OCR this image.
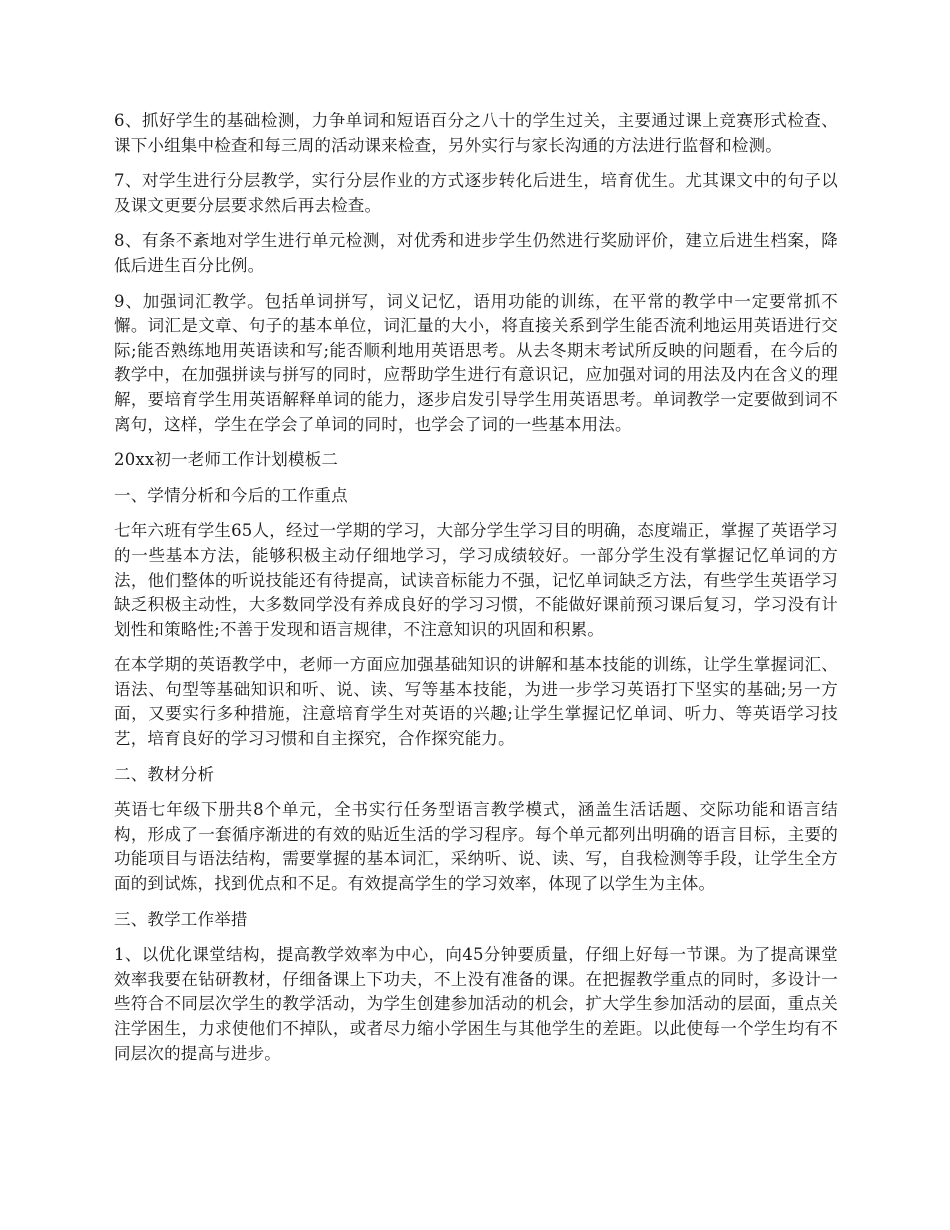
6、抓好学生的基础检测，力争单词和短语百分之八十的学生过关，主要通过课上竞赛形式检查、课下小组集中检查和每三周的活动课来检查，另外实行与家长沟通的方法进行监督和检测。

7、对学生进行分层教学，实行分层作业的方式逐步转化后进生，培育优生。尤其课文中的句子以及课文更要分层要求然后再去检查。

8、有条不紊地对学生进行单元检测，对优秀和进步学生仍然进行奖励评价，建立后进生档案，降低后进生百分比例。

9、加强词汇教学。包括单词拼写，词义记忆，语用功能的训练，在平常的教学中一定要常抓不懈。词汇是文章、句子的基本单位，词汇量的大小，将直接关系到学生能否流利地运用英语进行交际;能否熟练地用英语读和写;能否顺利地用英语思考。从去冬期末考试所反映的问题看，在今后的教学中，在加强拼读与拼写的同时，应帮助学生进行有意识记，应加强对词的用法及内在含义的理解，要培育学生用英语解释单词的能力，逐步启发引导学生用英语思考。单词教学一定要做到词不离句，这样，学生在学会了单词的同时，也学会了词的一些基本用法。

20xx初一老师工作计划模板二

一、学情分析和今后的工作重点

七年六班有学生65人，经过一学期的学习，大部分学生学习目的明确，态度端正，掌握了英语学习的一些基本方法，能够积极主动仔细地学习，学习成绩较好。一部分学生没有掌握记忆单词的方法，他们整体的听说技能还有待提高，试读音标能力不强，记忆单词缺乏方法，有些学生英语学习缺乏积极主动性，大多数同学没有养成良好的学习习惯，不能做好课前预习课后复习，学习没有计划性和策略性;不善于发现和语言规律，不注意知识的巩固和积累。

在本学期的英语教学中，老师一方面应加强基础知识的讲解和基本技能的训练，让学生掌握词汇、语法、句型等基础知识和听、说、读、写等基本技能，为进一步学习英语打下坚实的基础;另一方面，又要实行多种措施，注意培育学生对英语的兴趣;让学生掌握记忆单词、听力、等英语学习技艺，培育良好的学习习惯和自主探究，合作探究能力。

二、教材分析

英语七年级下册共8个单元，全书实行任务型语言教学模式，涵盖生活话题、交际功能和语言结构，形成了一套循序渐进的有效的贴近生活的学习程序。每个单元都列出明确的语言目标，主要的功能项目与语法结构，需要掌握的基本词汇，采纳听、说、读、写，自我检测等手段，让学生全方面的到试炼，找到优点和不足。有效提高学生的学习效率，体现了以学生为主体。

三、教学工作举措

1、以优化课堂结构，提高教学效率为中心，向45分钟要质量，仔细上好每一节课。为了提高课堂效率我要在钻研教材，仔细备课上下功夫，不上没有准备的课。在把握教学重点的同时，多设计一些符合不同层次学生的教学活动，为学生创建参加活动的机会，扩大学生参加活动的层面，重点关注学困生，力求使他们不掉队，或者尽力缩小学困生与其他学生的差距。以此使每一个学生均有不同层次的提高与进步。
